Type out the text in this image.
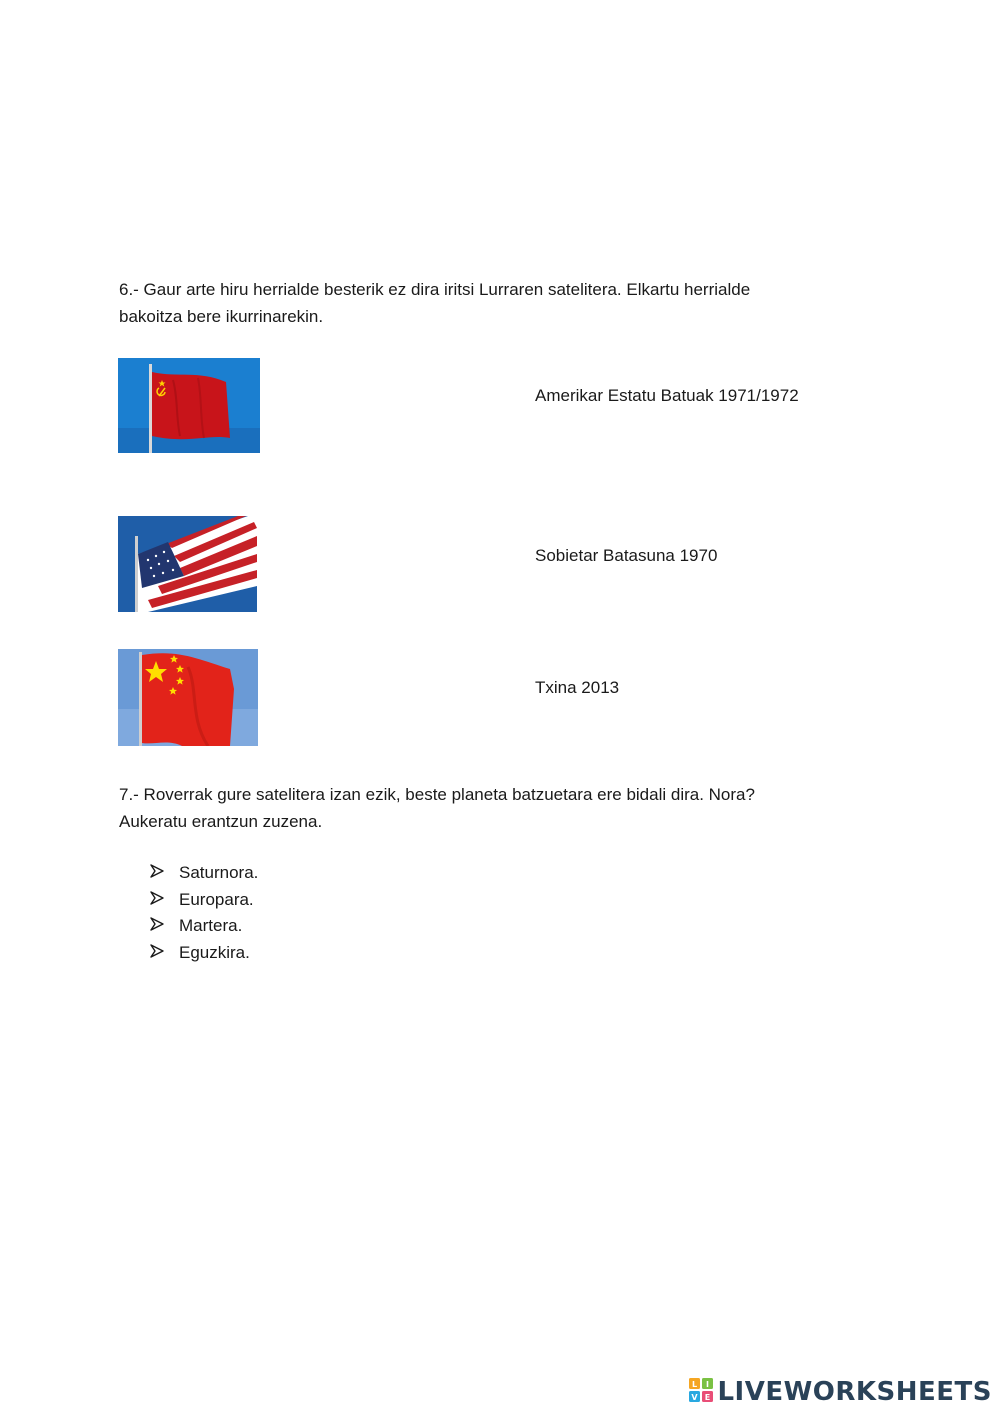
6.- Gaur arte hiru herrialde besterik ez dira iritsi Lurraren satelitera. Elkartu herrialde
bakoitza bere ikurrinarekin.

Amerikar Estatu Batuak 1971/1972
Sobietar Batasuna 1970
Txina 2013

7.- Roverrak gure satelitera izan ezik, beste planeta batzuetara ere bidali dira. Nora?
Aukeratu erantzun zuzena.

Saturnora.
Europara.
Martera.
Eguzkira.
L I
V E LIVEWORKSHEETS
